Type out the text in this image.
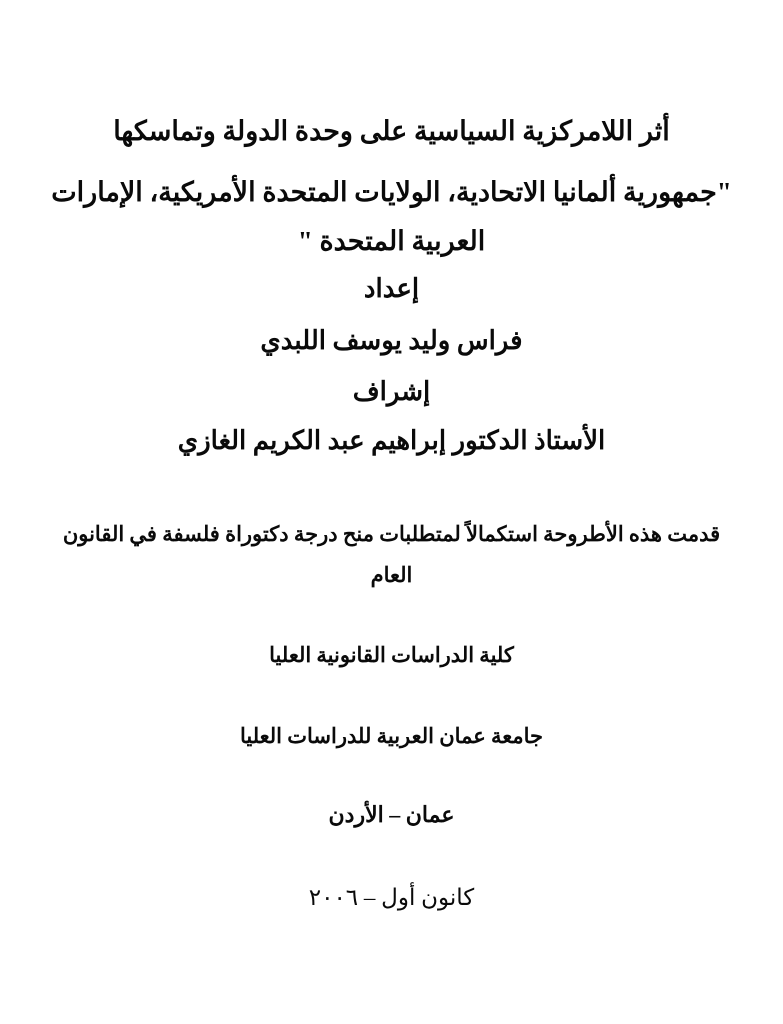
أثر اللامركزية السياسية على وحدة الدولة وتماسكها
"جمهورية ألمانيا الاتحادية، الولايات المتحدة الأمريكية، الإمارات
العربية المتحدة "
إعداد
فراس وليد يوسف اللبدي
إشراف
الأستاذ الدكتور إبراهيم عبد الكريم الغازي
قدمت هذه الأطروحة استكمالاً لمتطلبات منح درجة دكتوراة فلسفة في القانون
العام
كلية الدراسات القانونية العليا
جامعة عمان العربية للدراسات العليا
عمان – الأردن
كانون أول – ٢٠٠٦
